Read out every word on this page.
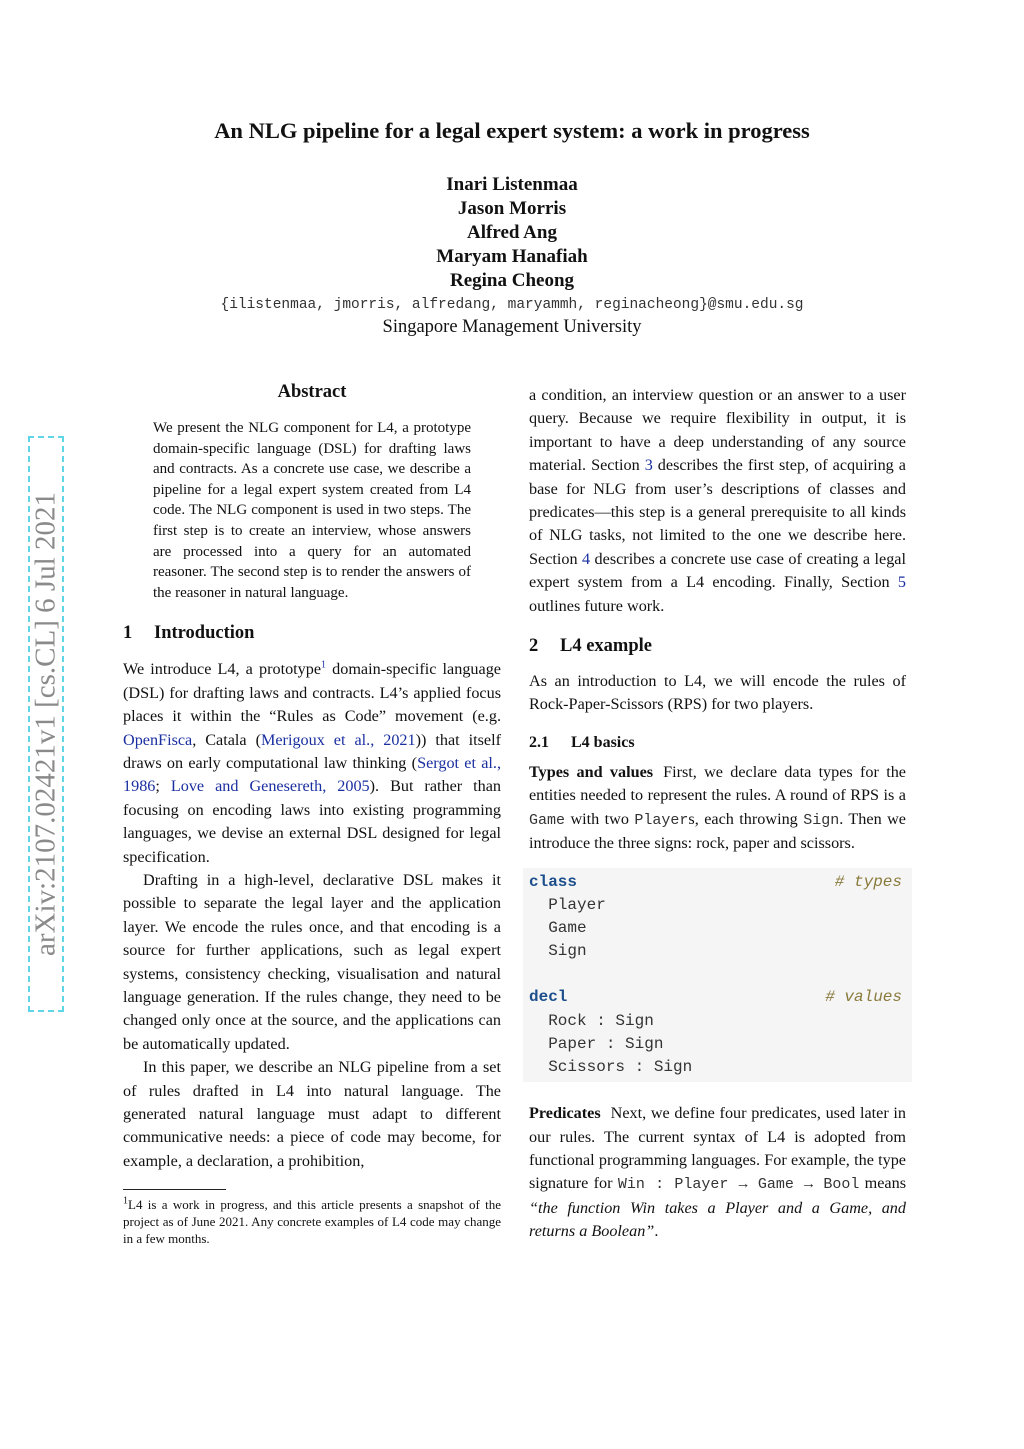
An NLG pipeline for a legal expert system: a work in progress
Inari Listenmaa
Jason Morris
Alfred Ang
Maryam Hanafiah
Regina Cheong
{ilistenmaa, jmorris, alfredang, maryammh, reginacheong}@smu.edu.sg
Singapore Management University
arXiv:2107.02421v1 [cs.CL] 6 Jul 2021
Abstract

We present the NLG component for L4, a prototype domain-specific language (DSL) for drafting laws and contracts. As a concrete use case, we describe a pipeline for a legal expert system created from L4 code. The NLG component is used in two steps. The first step is to create an interview, whose answers are processed into a query for an automated reasoner. The second step is to render the answers of the reasoner in natural language.

1 Introduction

We introduce L4, a prototype$^1$ domain-specific language (DSL) for drafting laws and contracts. L4’s applied focus places it within the “Rules as Code” movement (e.g. OpenFisca, Catala (Merigoux et al., 2021)) that itself draws on early computational law thinking (Sergot et al., 1986; Love and Genesereth, 2005). But rather than focusing on encoding laws into existing programming languages, we devise an external DSL designed for legal specification.

Drafting in a high-level, declarative DSL makes it possible to separate the legal layer and the application layer. We encode the rules once, and that encoding is a source for further applications, such as legal expert systems, consistency checking, visualisation and natural language generation. If the rules change, they need to be changed only once at the source, and the applications can be automatically updated.

In this paper, we describe an NLG pipeline from a set of rules drafted in L4 into natural language. The generated natural language must adapt to different communicative needs: a piece of code may become, for example, a declaration, a prohibition,

$^1$L4 is a work in progress, and this article presents a snapshot of the project as of June 2021. Any concrete examples of L4 code may change in a few months.

a condition, an interview question or an answer to a user query. Because we require flexibility in output, it is important to have a deep understanding of any source material. Section 3 describes the first step, of acquiring a base for NLG from user’s descriptions of classes and predicates—this step is a general prerequisite to all kinds of NLG tasks, not limited to the one we describe here. Section 4 describes a concrete use case of creating a legal expert system from a L4 encoding. Finally, Section 5 outlines future work.

2 L4 example

As an introduction to L4, we will encode the rules of Rock-Paper-Scissors (RPS) for two players.

2.1 L4 basics

Types and values First, we declare data types for the entities needed to represent the rules. A round of RPS is a Game with two Players, each throwing Sign. Then we introduce the three signs: rock, paper and scissors.

class	# types
Player
Game
Sign
decl	# values
Rock : Sign
Paper : Sign
Scissors : Sign

Predicates Next, we define four predicates, used later in our rules. The current syntax of L4 is adopted from functional programming languages. For example, the type signature for Win : Player → Game → Bool means “the function Win takes a Player and a Game, and returns a Boolean”.
